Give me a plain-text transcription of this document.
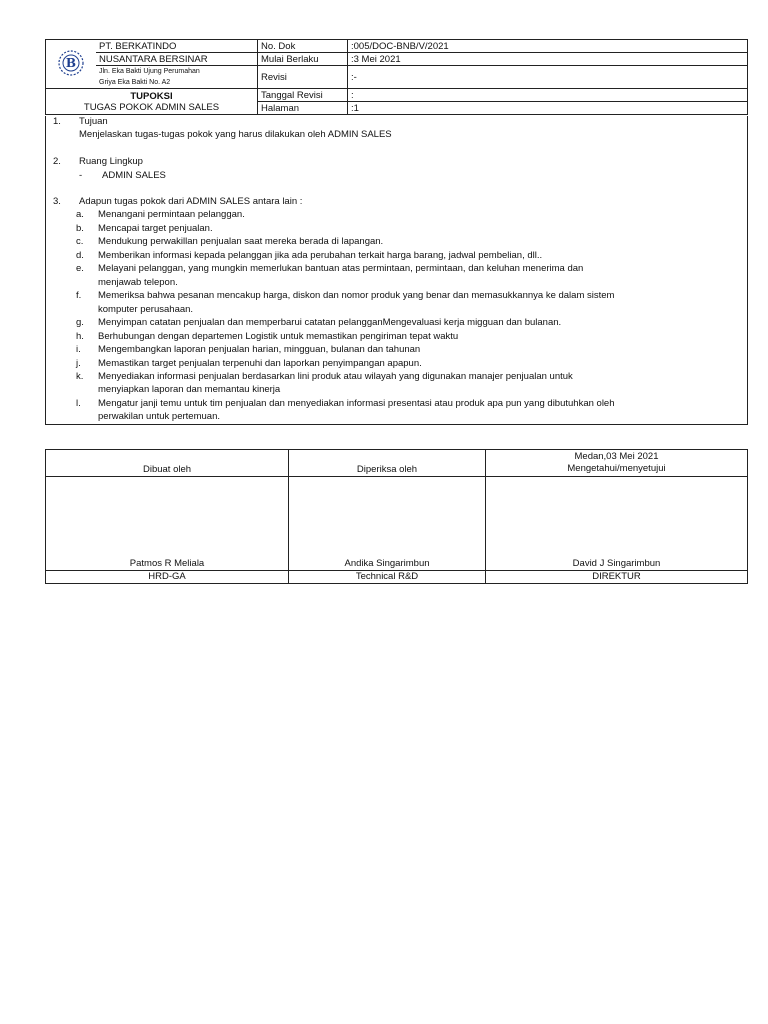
B	PT. BERKATINDO	No. Dok	:005/DOC-BNB/V/2021
	NUSANTARA BERSINAR	Mulai Berlaku	:3 Mei 2021

	Jln. Eka Bakti Ujung Perumahan
Griya Eka Bakti No. A2	Revisi	:-

TUPOKSI
TUGAS POKOK ADMIN SALES		Tanggal Revisi	:
		Halaman	:1
1. Tujuan
Menjelaskan tugas-tugas pokok yang harus dilakukan oleh ADMIN SALES
2. Ruang Lingkup
- ADMIN SALES
3. Adapun tugas pokok dari ADMIN SALES antara lain :
a. Menangani permintaan pelanggan.
b. Mencapai target penjualan.
c. Mendukung perwakillan penjualan saat mereka berada di lapangan.
d. Memberikan informasi kepada pelanggan jika ada perubahan terkait harga barang, jadwal pembelian, dll..
e. Melayani pelanggan, yang mungkin memerlukan bantuan atas permintaan, permintaan, dan keluhan menerima dan
menjawab telepon.
f. Memeriksa bahwa pesanan mencakup harga, diskon dan nomor produk yang benar dan memasukkannya ke dalam sistem
komputer perusahaan.
g. Menyimpan catatan penjualan dan memperbarui catatan pelangganMengevaluasi kerja migguan dan bulanan.
h. Berhubungan dengan departemen Logistik untuk memastikan pengiriman tepat waktu
i. Mengembangkan laporan penjualan harian, mingguan, bulanan dan tahunan
j. Memastikan target penjualan terpenuhi dan laporkan penyimpangan apapun.
k. Menyediakan informasi penjualan berdasarkan lini produk atau wilayah yang digunakan manajer penjualan untuk
menyiapkan laporan dan memantau kinerja
l. Mengatur janji temu untuk tim penjualan dan menyediakan informasi presentasi atau produk apa pun yang dibutuhkan oleh
perwakilan untuk pertemuan.
Dibuat oleh	Diperiksa oleh	Medan,03 Mei 2021
Mengetahui/menyetujui

Patmos R Meliala	Andika Singarimbun	David J Singarimbun
HRD-GA	Technical R&D	DIREKTUR
